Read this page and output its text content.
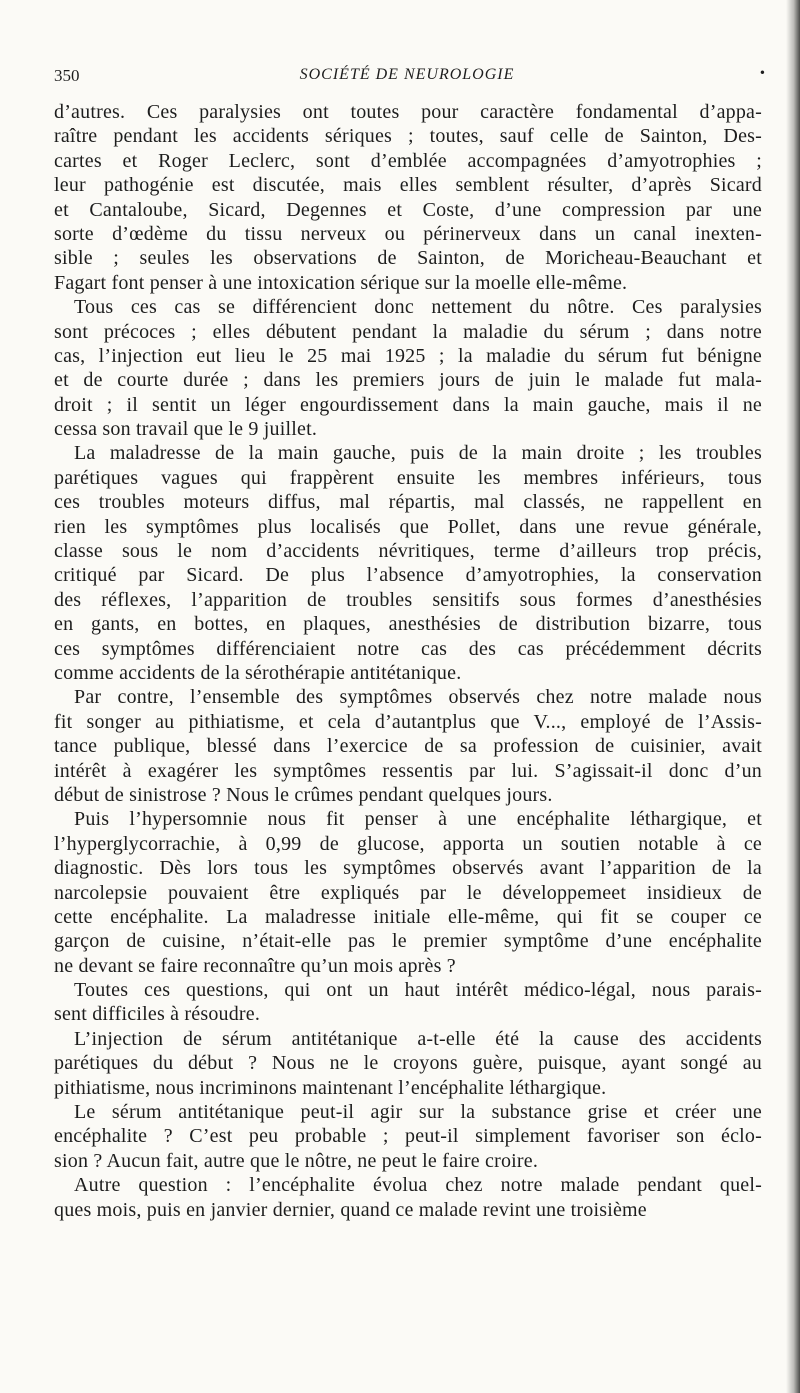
350	SOCIÉTÉ DE NEUROLOGIE	•
d’autres. Ces paralysies ont toutes pour caractère fondamental d’appa-
raître pendant les accidents sériques ; toutes, sauf celle de Sainton, Des-
cartes et Roger Leclerc, sont d’emblée accompagnées d’amyotrophies ;
leur pathogénie est discutée, mais elles semblent résulter, d’après Sicard
et Cantaloube, Sicard, Degennes et Coste, d’une compression par une
sorte d’œdème du tissu nerveux ou périnerveux dans un canal inexten-
sible ; seules les observations de Sainton, de Moricheau-Beauchant et
Fagart font penser à une intoxication sérique sur la moelle elle-même.
Tous ces cas se différencient donc nettement du nôtre. Ces paralysies
sont précoces ; elles débutent pendant la maladie du sérum ; dans notre
cas, l’injection eut lieu le 25 mai 1925 ; la maladie du sérum fut bénigne
et de courte durée ; dans les premiers jours de juin le malade fut mala-
droit ; il sentit un léger engourdissement dans la main gauche, mais il ne
cessa son travail que le 9 juillet.
La maladresse de la main gauche, puis de la main droite ; les troubles
parétiques vagues qui frappèrent ensuite les membres inférieurs, tous
ces troubles moteurs diffus, mal répartis, mal classés, ne rappellent en
rien les symptômes plus localisés que Pollet, dans une revue générale,
classe sous le nom d’accidents névritiques, terme d’ailleurs trop précis,
critiqué par Sicard. De plus l’absence d’amyotrophies, la conservation
des réflexes, l’apparition de troubles sensitifs sous formes d’anesthésies
en gants, en bottes, en plaques, anesthésies de distribution bizarre, tous
ces symptômes différenciaient notre cas des cas précédemment décrits
comme accidents de la sérothérapie antitétanique.
Par contre, l’ensemble des symptômes observés chez notre malade nous
fit songer au pithiatisme, et cela d’autantplus que V..., employé de l’Assis-
tance publique, blessé dans l’exercice de sa profession de cuisinier, avait
intérêt à exagérer les symptômes ressentis par lui. S’agissait-il donc d’un
début de sinistrose ? Nous le crûmes pendant quelques jours.
Puis l’hypersomnie nous fit penser à une encéphalite léthargique, et
l’hyperglycorrachie, à 0,99 de glucose, apporta un soutien notable à ce
diagnostic. Dès lors tous les symptômes observés avant l’apparition de la
narcolepsie pouvaient être expliqués par le développemeet insidieux de
cette encéphalite. La maladresse initiale elle-même, qui fit se couper ce
garçon de cuisine, n’était-elle pas le premier symptôme d’une encéphalite
ne devant se faire reconnaître qu’un mois après ?
Toutes ces questions, qui ont un haut intérêt médico-légal, nous parais-
sent difficiles à résoudre.
L’injection de sérum antitétanique a-t-elle été la cause des accidents
parétiques du début ? Nous ne le croyons guère, puisque, ayant songé au
pithiatisme, nous incriminons maintenant l’encéphalite léthargique.
Le sérum antitétanique peut-il agir sur la substance grise et créer une
encéphalite ? C’est peu probable ; peut-il simplement favoriser son éclo-
sion ? Aucun fait, autre que le nôtre, ne peut le faire croire.
Autre question : l’encéphalite évolua chez notre malade pendant quel-
ques mois, puis en janvier dernier, quand ce malade revint une troisième
